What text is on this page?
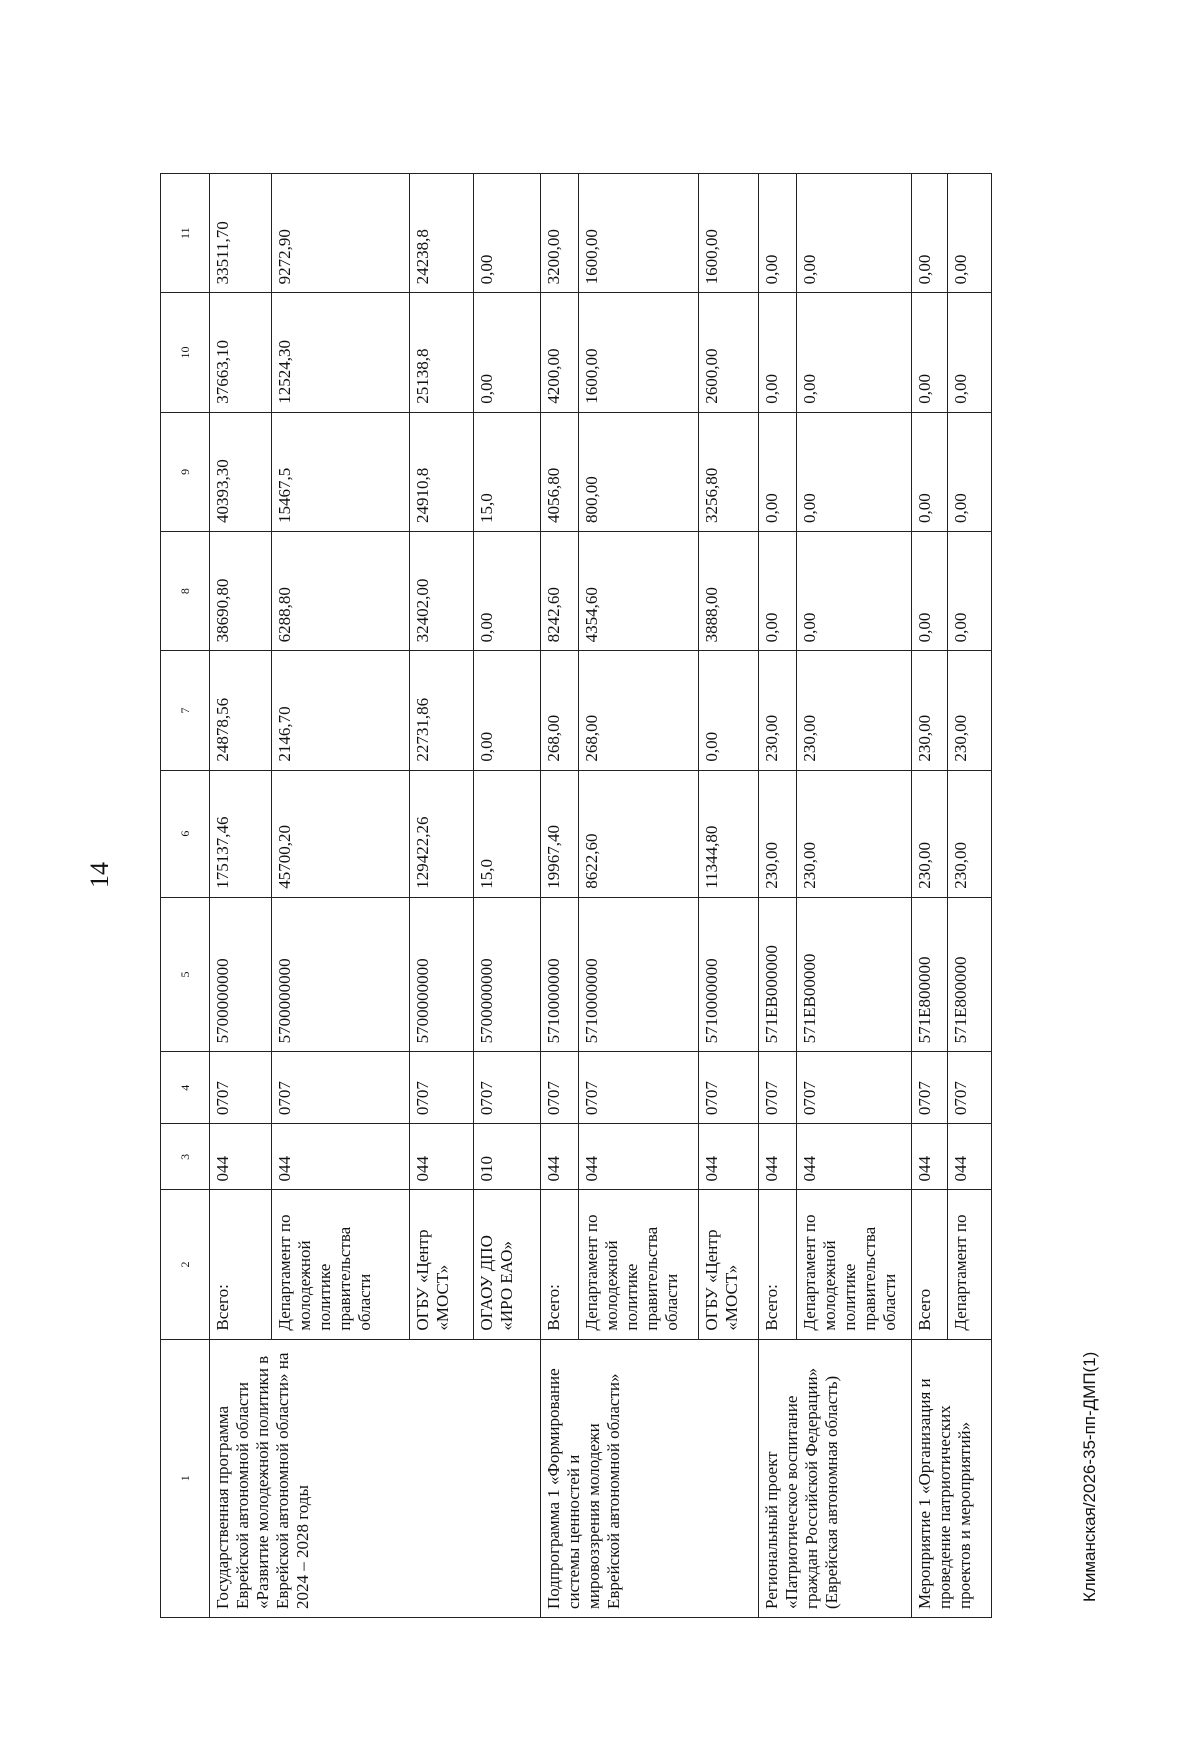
14
1	2	3	4	5	6	7	8	9	10	11
Государственная программа Еврейской автономной области «Развитие молодежной политики в Еврейской автономной области» на 2024 – 2028 годы	Всего:	044	0707	5700000000	175137,46	24878,56	38690,80	40393,30	37663,10	33511,70
	Департамент по молодежной политике правительства области	044	0707	5700000000	45700,20	2146,70	6288,80	15467,5	12524,30	9272,90
	ОГБУ «Центр «МОСТ»	044	0707	5700000000	129422,26	22731,86	32402,00	24910,8	25138,8	24238,8
	ОГАОУ ДПО «ИРО ЕАО»	010	0707	5700000000	15,0	0,00	0,00	15,0	0,00	0,00
Подпрограмма 1 «Формирование системы ценностей и мировоззрения молодежи Еврейской автономной области»	Всего:	044	0707	5710000000	19967,40	268,00	8242,60	4056,80	4200,00	3200,00
	Департамент по молодежной политике правительства области	044	0707	5710000000	8622,60	268,00	4354,60	800,00	1600,00	1600,00
	ОГБУ «Центр «МОСТ»	044	0707	5710000000	11344,80	0,00	3888,00	3256,80	2600,00	1600,00
Региональный проект «Патриотическое воспитание граждан Российской Федерации» (Еврейская автономная область)	Всего:	044	0707	571ЕВ000000	230,00	230,00	0,00	0,00	0,00	0,00
	Департамент по молодежной политике правительства области	044	0707	571ЕВ00000	230,00	230,00	0,00	0,00	0,00	0,00
Мероприятие 1 «Организация и проведение патриотических проектов и мероприятий»	Всего	044	0707	571Е800000	230,00	230,00	0,00	0,00	0,00	0,00
	Департамент по	044	0707	571Е800000	230,00	230,00	0,00	0,00	0,00	0,00
Климанская/2026-35-пп-ДМП(1)
